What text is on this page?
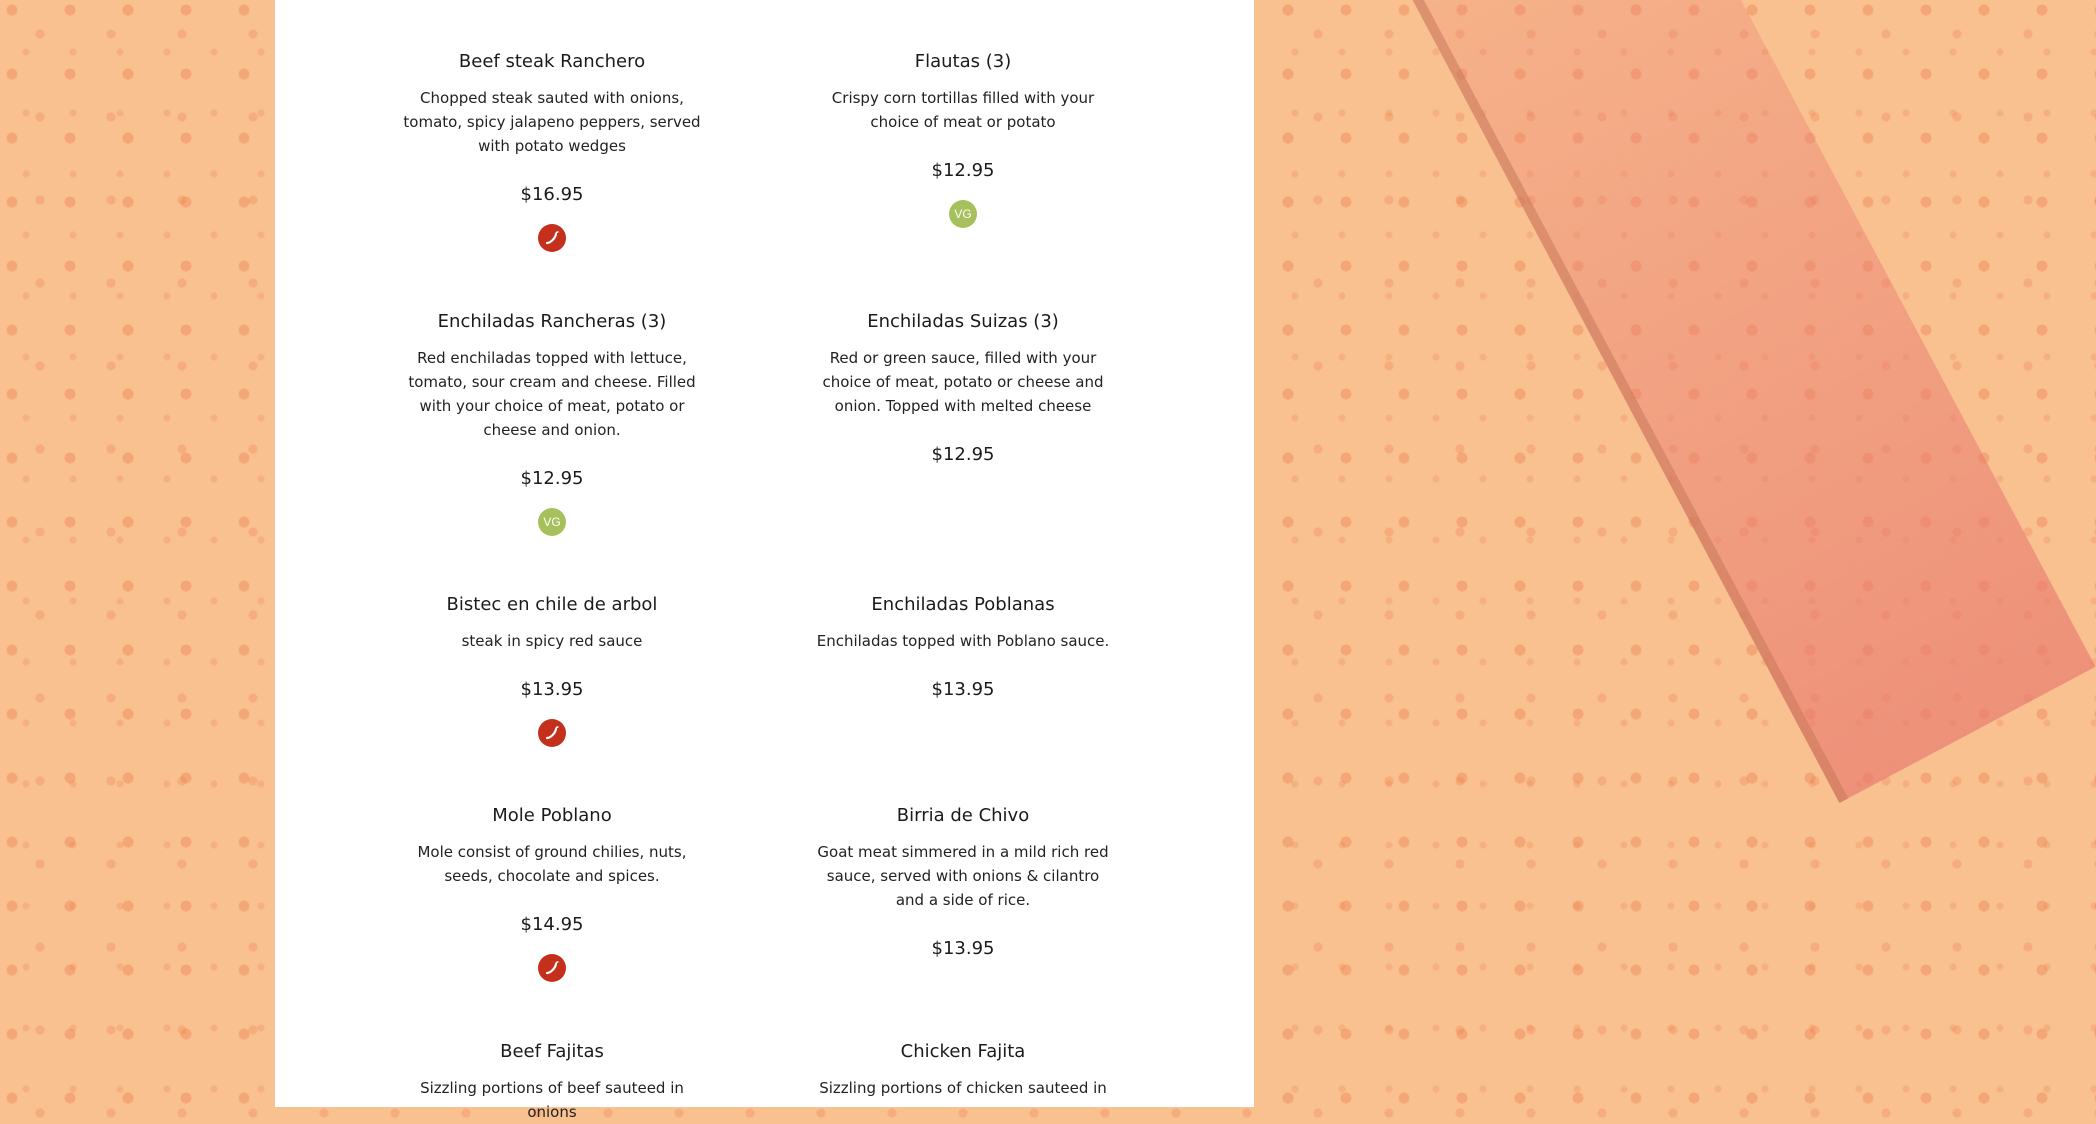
Beef steak Ranchero

Chopped steak sauted with onions, tomato, spicy jalapeno peppers, served with potato wedges

$16.95
Flautas (3)

Crispy corn tortillas filled with your choice of meat or potato

$12.95
VG
Enchiladas Rancheras (3)

Red enchiladas topped with lettuce, tomato, sour cream and cheese. Filled with your choice of meat, potato or cheese and onion.

$12.95
VG
Enchiladas Suizas (3)

Red or green sauce, filled with your choice of meat, potato or cheese and onion. Topped with melted cheese

$12.95
Bistec en chile de arbol

steak in spicy red sauce

$13.95
Enchiladas Poblanas

Enchiladas topped with Poblano sauce.

$13.95
Mole Poblano

Mole consist of ground chilies, nuts, seeds, chocolate and spices.

$14.95
Birria de Chivo

Goat meat simmered in a mild rich red sauce, served with onions & cilantro and a side of rice.

$13.95
Beef Fajitas

Sizzling portions of beef sauteed in onions

Chicken Fajita

Sizzling portions of chicken sauteed in
